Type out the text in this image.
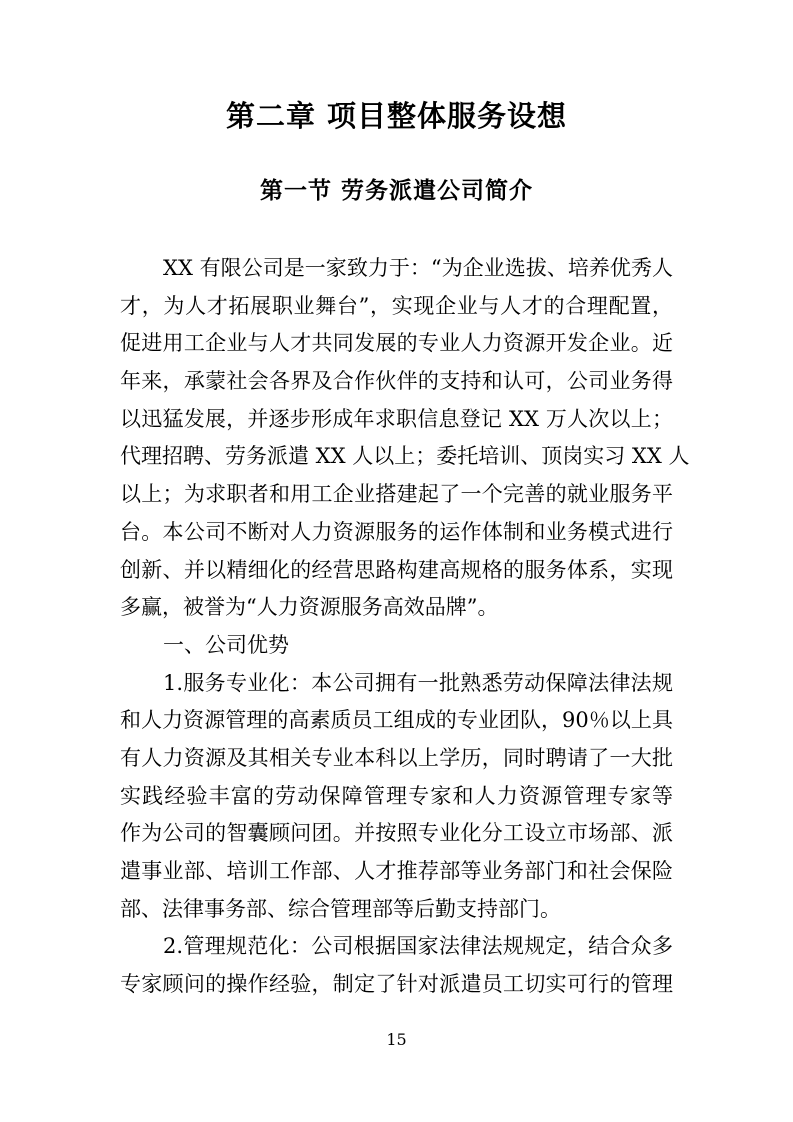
第二章 项目整体服务设想
第一节 劳务派遣公司简介
XX 有限公司是一家致力于：“为企业选拔、培养优秀人
才，为人才拓展职业舞台”，实现企业与人才的合理配置，
促进用工企业与人才共同发展的专业人力资源开发企业。近
年来，承蒙社会各界及合作伙伴的支持和认可，公司业务得
以迅猛发展，并逐步形成年求职信息登记 XX 万人次以上；
代理招聘、劳务派遣 XX 人以上；委托培训、顶岗实习 XX 人
以上；为求职者和用工企业搭建起了一个完善的就业服务平
台。本公司不断对人力资源服务的运作体制和业务模式进行
创新、并以精细化的经营思路构建高规格的服务体系，实现
多赢，被誉为“人力资源服务高效品牌”。
一、公司优势
1.服务专业化：本公司拥有一批熟悉劳动保障法律法规
和人力资源管理的高素质员工组成的专业团队，90％以上具
有人力资源及其相关专业本科以上学历，同时聘请了一大批
实践经验丰富的劳动保障管理专家和人力资源管理专家等
作为公司的智囊顾问团。并按照专业化分工设立市场部、派
遣事业部、培训工作部、人才推荐部等业务部门和社会保险
部、法律事务部、综合管理部等后勤支持部门。
2.管理规范化：公司根据国家法律法规规定，结合众多
专家顾问的操作经验，制定了针对派遣员工切实可行的管理
15
